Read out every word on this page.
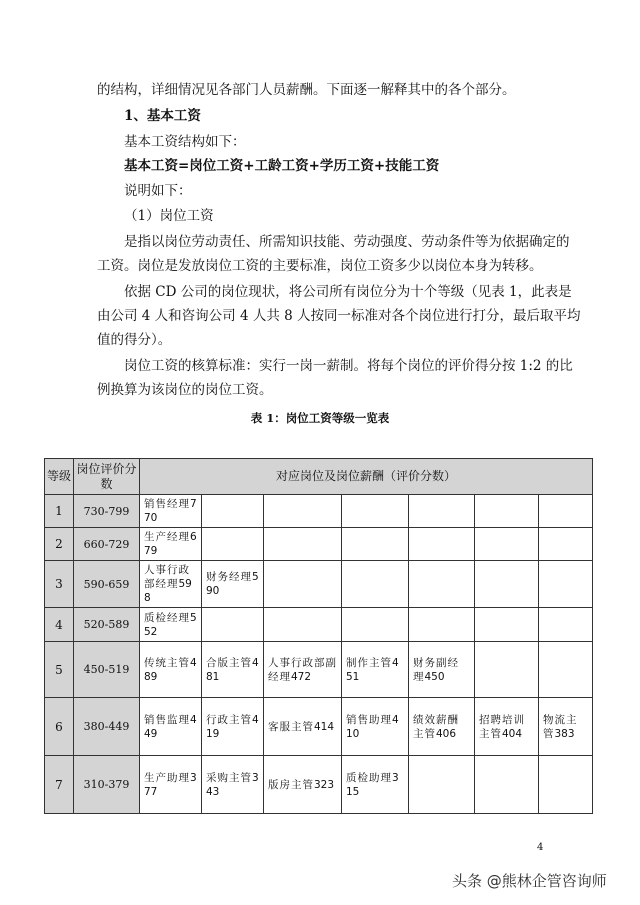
的结构，详细情况见各部门人员薪酬。下面逐一解释其中的各个部分。
1、基本工资
基本工资结构如下：
基本工资=岗位工资+工龄工资+学历工资+技能工资
说明如下：
（1）岗位工资
是指以岗位劳动责任、所需知识技能、劳动强度、劳动条件等为依据确定的
工资。岗位是发放岗位工资的主要标准，岗位工资多少以岗位本身为转移。
依据 CD 公司的岗位现状，将公司所有岗位分为十个等级（见表 1，此表是
由公司 4 人和咨询公司 4 人共 8 人按同一标准对各个岗位进行打分，最后取平均
值的得分）。
岗位工资的核算标准：实行一岗一薪制。将每个岗位的评价得分按 1:2 的比
例换算为该岗位的岗位工资。
表 1：岗位工资等级一览表
等级	岗位评价分数	对应岗位及岗位薪酬（评价分数）						
1	730-799	销售经理770						
2	660-729	生产经理679						
3	590-659	人事行政部经理598	财务经理590					
4	520-589	质检经理552						
5	450-519	传统主管489	合版主管481	人事行政部副经理472	制作主管451	财务副经理450		
6	380-449	销售监理449	行政主管419	客服主管414	销售助理410	绩效薪酬主管406	招聘培训主管404	物流主管383
7	310-379	生产助理377	采购主管343	版房主管323	质检助理315			
4
头条 @熊林企管咨询师
